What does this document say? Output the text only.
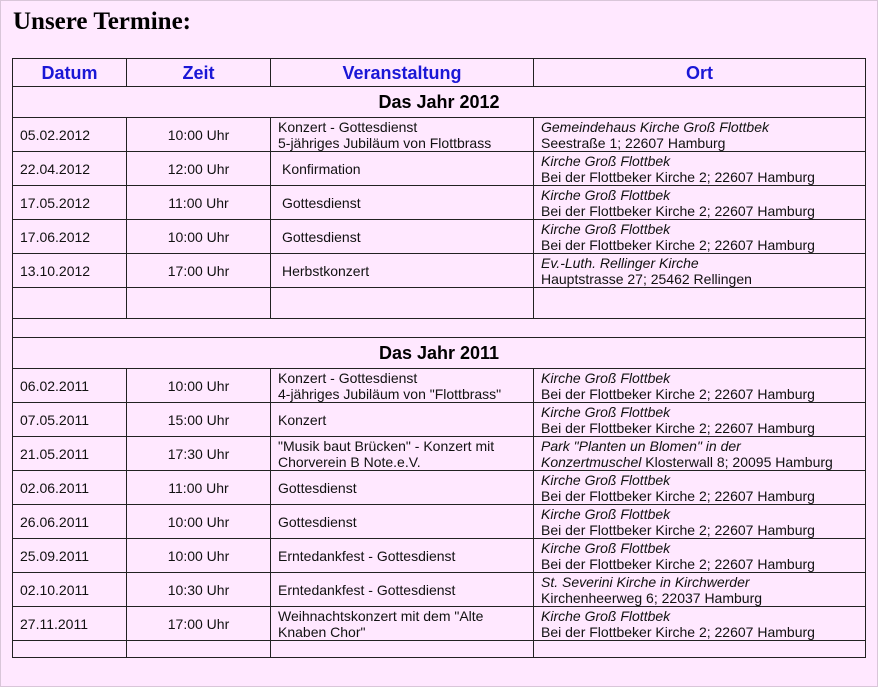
Unsere Termine:
Datum	Zeit	Veranstaltung	Ort
Das Jahr 2012			
05.02.2012	10:00 Uhr	Konzert - Gottesdienst
5-jähriges Jubiläum von Flottbrass	Gemeindehaus Kirche Groß Flottbek
Seestraße 1; 22607 Hamburg

22.04.2012	12:00 Uhr	Konfirmation	Kirche Groß Flottbek
Bei der Flottbeker Kirche 2; 22607 Hamburg

17.05.2012	11:00 Uhr	Gottesdienst	Kirche Groß Flottbek
Bei der Flottbeker Kirche 2; 22607 Hamburg

17.06.2012	10:00 Uhr	Gottesdienst	Kirche Groß Flottbek
Bei der Flottbeker Kirche 2; 22607 Hamburg

13.10.2012	17:00 Uhr	Herbstkonzert	Ev.-Luth. Rellinger Kirche
Hauptstrasse 27; 25462 Rellingen

Das Jahr 2011			
06.02.2011	10:00 Uhr	Konzert - Gottesdienst
4-jähriges Jubiläum von "Flottbrass"	Kirche Groß Flottbek
Bei der Flottbeker Kirche 2; 22607 Hamburg

07.05.2011	15:00 Uhr	Konzert	Kirche Groß Flottbek
Bei der Flottbeker Kirche 2; 22607 Hamburg

21.05.2011	17:30 Uhr	"Musik baut Brücken" - Konzert mit
Chorverein B Note.e.V.	Park "Planten un Blomen" in der
Konzertmuschel Klosterwall 8; 20095 Hamburg

02.06.2011	11:00 Uhr	Gottesdienst	Kirche Groß Flottbek
Bei der Flottbeker Kirche 2; 22607 Hamburg

26.06.2011	10:00 Uhr	Gottesdienst	Kirche Groß Flottbek
Bei der Flottbeker Kirche 2; 22607 Hamburg

25.09.2011	10:00 Uhr	Erntedankfest - Gottesdienst	Kirche Groß Flottbek
Bei der Flottbeker Kirche 2; 22607 Hamburg

02.10.2011	10:30 Uhr	Erntedankfest - Gottesdienst	St. Severini Kirche in Kirchwerder
Kirchenheerweg 6; 22037 Hamburg

27.11.2011	17:00 Uhr	Weihnachtskonzert mit dem "Alte
Knaben Chor"	Kirche Groß Flottbek
Bei der Flottbeker Kirche 2; 22607 Hamburg
